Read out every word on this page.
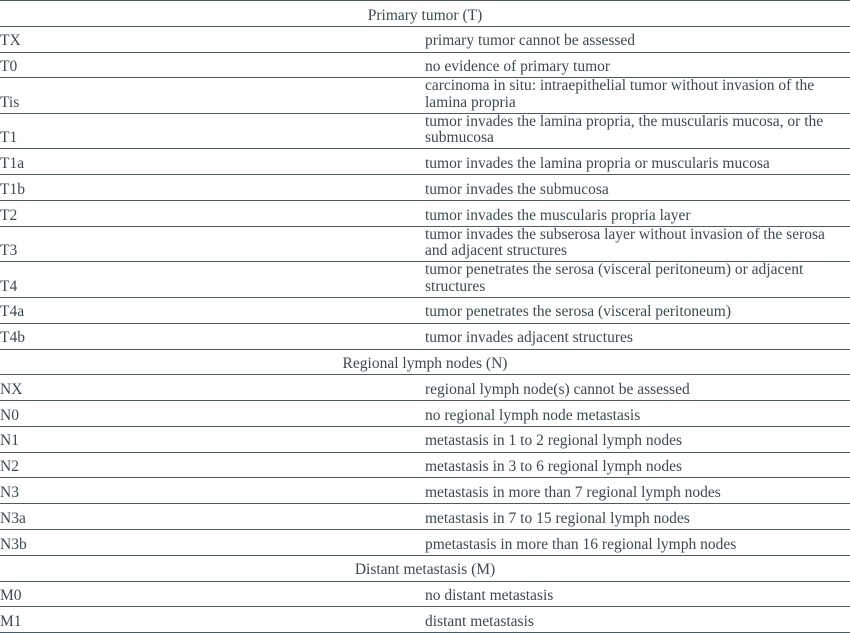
Primary tumor (T)	
TX	primary tumor cannot be assessed
T0	no evidence of primary tumor
Tis	carcinoma in situ: intraepithelial tumor without invasion of the lamina propria
T1	tumor invades the lamina propria, the muscularis mucosa, or the submucosa
T1a	tumor invades the lamina propria or muscularis mucosa
T1b	tumor invades the submucosa
T2	tumor invades the muscularis propria layer
T3	tumor invades the subserosa layer without invasion of the serosa and adjacent structures
T4	tumor penetrates the serosa (visceral peritoneum) or adjacent structures
T4a	tumor penetrates the serosa (visceral peritoneum)
T4b	tumor invades adjacent structures
Regional lymph nodes (N)	
NX	regional lymph node(s) cannot be assessed
N0	no regional lymph node metastasis
N1	metastasis in 1 to 2 regional lymph nodes
N2	metastasis in 3 to 6 regional lymph nodes
N3	metastasis in more than 7 regional lymph nodes
N3a	metastasis in 7 to 15 regional lymph nodes
N3b	pmetastasis in more than 16 regional lymph nodes
Distant metastasis (M)	
M0	no distant metastasis
M1	distant metastasis
